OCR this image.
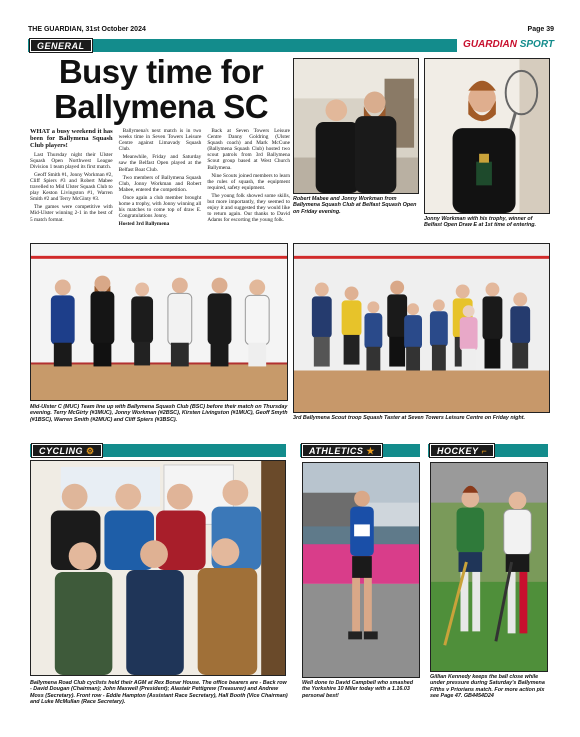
THE GUARDIAN, 31st October 2024	Page 39
GENERAL	GUARDIAN SPORT
Busy time for Ballymena SC

WHAT a busy weekend it has been for Ballymena Squash Club players!

Last Thursday night their Ulster Squash Open Northwest League Division 1 team played its first match.

Geoff Smith #1, Jonny Workman #2, Cliff Spiers #3 and Robert Mabee travelled to Mid Ulster Squash Club to play Keston Livingston #1, Warren Smith #2 and Terry McGinty #3.

The games were competitive with Mid-Ulster winning 2-1 in the best of 5 match format.

Ballymena's next match is in two weeks time in Seven Towers Leisure Centre against Limavady Squash Club.

Meanwhile, Friday and Saturday saw the Belfast Open played at the Belfast Boat Club.

Two members of Ballymena Squash Club, Jonny Workman and Robert Mabee, entered the competition.

Once again a club member brought home a trophy, with Jonny winning all his matches to come top of draw E. Congratulations Jonny.

Hosted 3rd Ballymena

Back at Seven Towers Leisure Centre Danny Goldring (Ulster Squash coach) and Mark McCune (Ballymena Squash Club) hosted two scout patrols from 3rd Ballymena Scout group based at West Church Ballymena.

Nine Scouts joined members to learn the rules of squash, the equipment required, safety equipment.

The young folk showed some skills, but more importantly, they seemed to enjoy it and suggested they would like to return again. Our thanks to David Adams for escorting the young folk.

Robert Mabee and Jonny Workman from Ballymena Squash Club at Belfast Squash Open on Friday evening.
Jonny Workman with his trophy, winner of Belfast Open Draw E at 1st time of entering.
Mid-Ulster C (MUC) Team line up with Ballymena Squash Club (BSC) before their match on Thursday evening. Terry McGirty (#3MUC), Jonny Workman (#2BSC), Kirsten Livingston (#1MUC), Geoff Smyth (#1BSC), Warren Smith (#2MUC) and Cliff Spiers (#3BSC).	3rd Ballymena Scout troop Squash Taster at Seven Towers Leisure Centre on Friday night.
CYCLING ⚙
Ballymena Road Club cyclists held their AGM at Rex Bonar House. The office bearers are - Back row - David Dougan (Chairman); John Maxwell (President); Alastair Pettigrew (Treasurer) and Andrew Moss (Secretary). Front row - Eddie Hampton (Assistant Race Secretary), Hall Booth (Vice Chairman) and Luke McMullan (Race Secretary).
ATHLETICS ★
Well done to David Campbell who smashed the Yorkshire 10 Miler today with a 1.16.03 personal best!
HOCKEY ⌐
Gillian Kennedy keeps the ball close while under pressure during Saturday's Ballymena Fifths v Priorians match. For more action pix see Page 47. GB4454D24
